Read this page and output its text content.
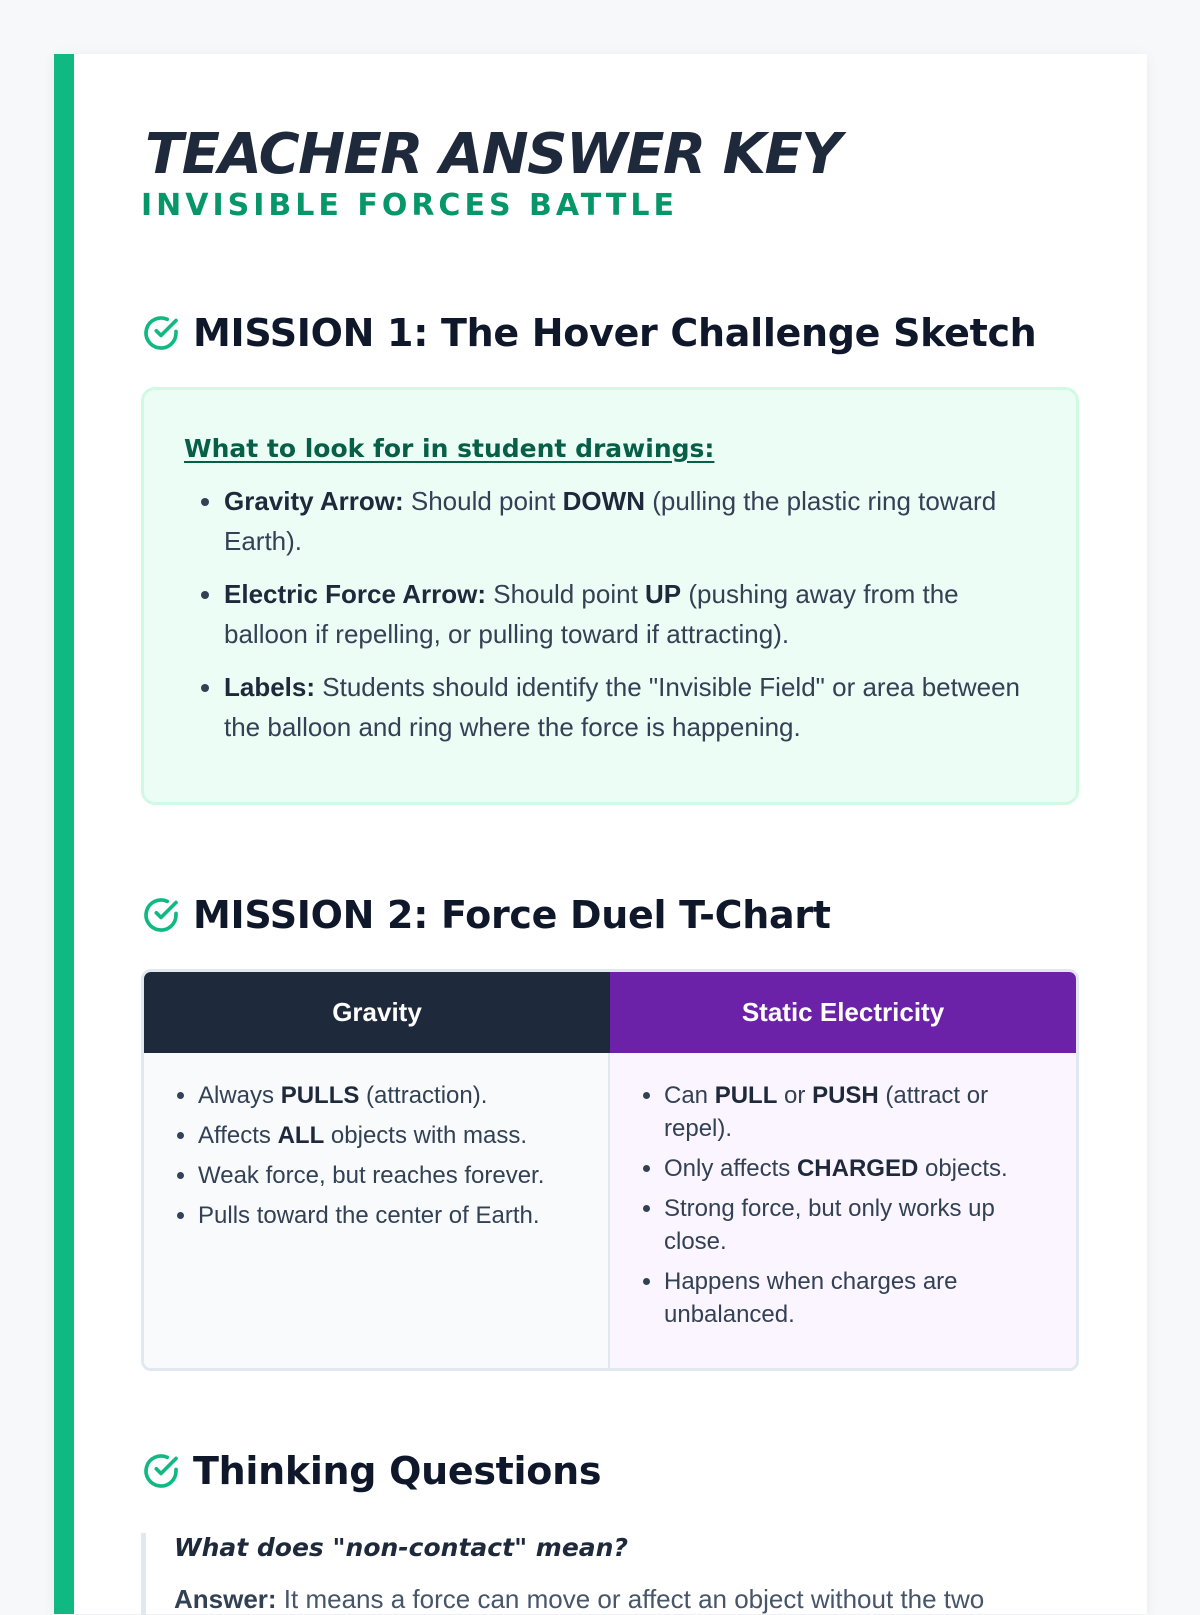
TEACHER ANSWER KEY
INVISIBLE FORCES BATTLE
MISSION 1: The Hover Challenge Sketch
What to look for in student drawings:
• Gravity Arrow: Should point DOWN (pulling the plastic ring toward Earth).
• Electric Force Arrow: Should point UP (pushing away from the balloon if repelling, or pulling toward if attracting).
• Labels: Students should identify the "Invisible Field" or area between the balloon and ring where the force is happening.
MISSION 2: Force Duel T-Chart
Gravity	Static Electricity
• Always PULLS (attraction).
• Affects ALL objects with mass.
• Weak force, but reaches forever.
• Pulls toward the center of Earth.
• Can PULL or PUSH (attract or repel).
• Only affects CHARGED objects.
• Strong force, but only works up close.
• Happens when charges are unbalanced.
Thinking Questions
What does "non-contact" mean?
Answer: It means a force can move or affect an object without the two
